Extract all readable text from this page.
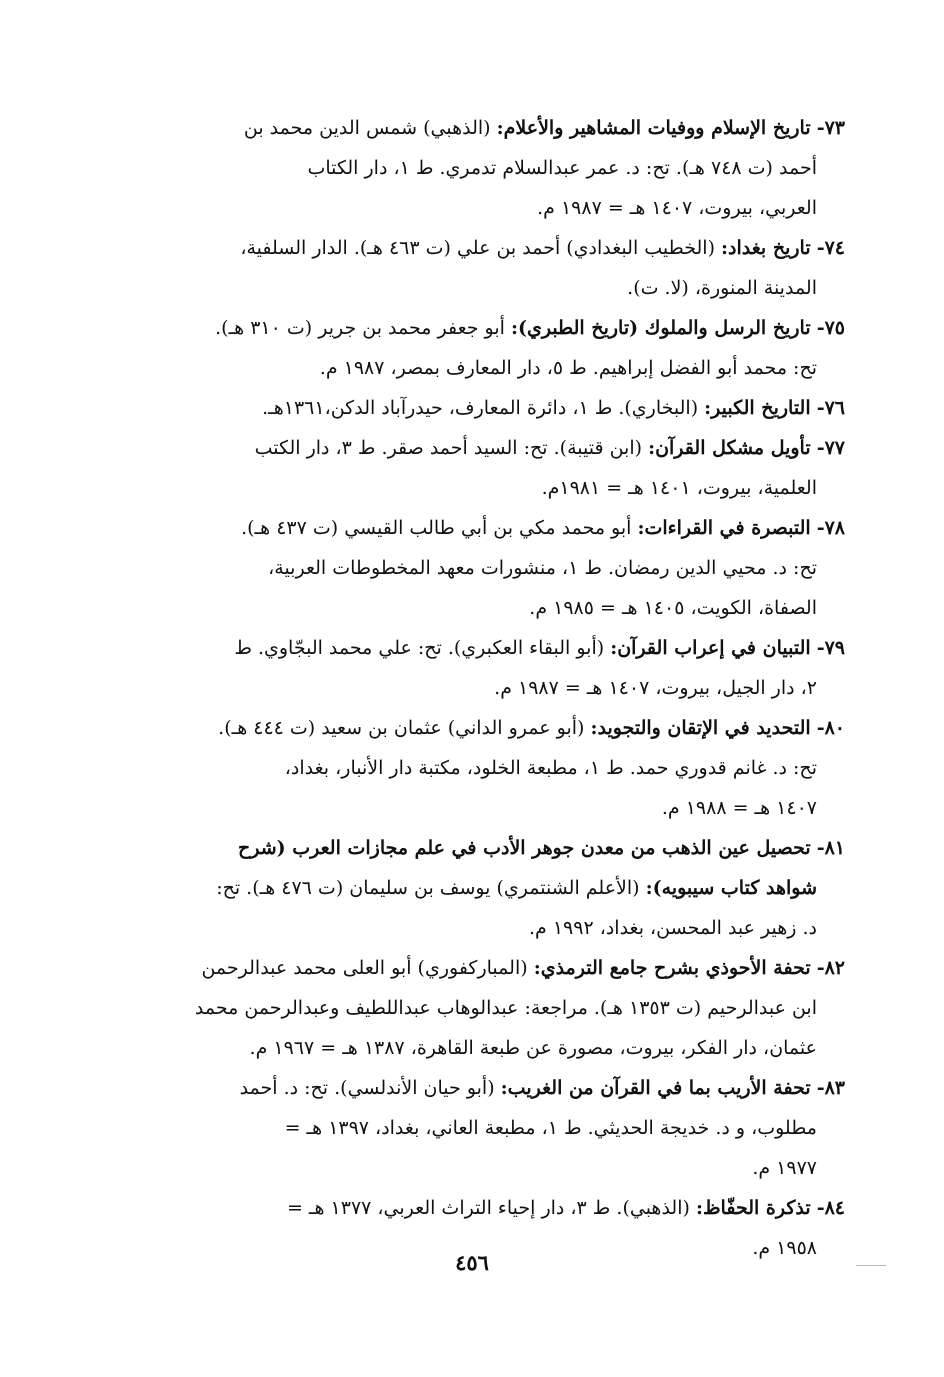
٧٣- تاريخ الإسلام ووفيات المشاهير والأعلام: (الذهبي) شمس الدين محمد بن
أحمد (ت ٧٤٨ هـ). تح: د. عمر عبدالسلام تدمري. ط ١، دار الكتاب
العربي، بيروت، ١٤٠٧ هـ = ١٩٨٧ م.

٧٤- تاريخ بغداد: (الخطيب البغدادي) أحمد بن علي (ت ٤٦٣ هـ). الدار السلفية،
المدينة المنورة، (لا. ت).

٧٥- تاريخ الرسل والملوك (تاريخ الطبري): أبو جعفر محمد بن جرير (ت ٣١٠ هـ).
تح: محمد أبو الفضل إبراهيم. ط ٥، دار المعارف بمصر، ١٩٨٧ م.

٧٦- التاريخ الكبير: (البخاري). ط ١، دائرة المعارف، حيدرآباد الدكن،١٣٦١هـ.

٧٧- تأويل مشكل القرآن: (ابن قتيبة). تح: السيد أحمد صقر. ط ٣، دار الكتب
العلمية، بيروت، ١٤٠١ هـ = ١٩٨١م.

٧٨- التبصرة في القراءات: أبو محمد مكي بن أبي طالب القيسي (ت ٤٣٧ هـ).
تح: د. محيي الدين رمضان. ط ١، منشورات معهد المخطوطات العربية،
الصفاة، الكويت، ١٤٠٥ هـ = ١٩٨٥ م.

٧٩- التبيان في إعراب القرآن: (أبو البقاء العكبري). تح: علي محمد البجّاوي. ط
٢، دار الجيل، بيروت، ١٤٠٧ هـ = ١٩٨٧ م.

٨٠- التحديد في الإتقان والتجويد: (أبو عمرو الداني) عثمان بن سعيد (ت ٤٤٤ هـ).
تح: د. غانم قدوري حمد. ط ١، مطبعة الخلود، مكتبة دار الأنبار، بغداد،
١٤٠٧ هـ = ١٩٨٨ م.

٨١- تحصيل عين الذهب من معدن جوهر الأدب في علم مجازات العرب (شرح
شواهد كتاب سيبويه): (الأعلم الشنتمري) يوسف بن سليمان (ت ٤٧٦ هـ). تح:
د. زهير عبد المحسن، بغداد، ١٩٩٢ م.

٨٢- تحفة الأحوذي بشرح جامع الترمذي: (المباركفوري) أبو العلى محمد عبدالرحمن
ابن عبدالرحيم (ت ١٣٥٣ هـ). مراجعة: عبدالوهاب عبداللطيف وعبدالرحمن محمد
عثمان، دار الفكر، بيروت، مصورة عن طبعة القاهرة، ١٣٨٧ هـ = ١٩٦٧ م.

٨٣- تحفة الأريب بما في القرآن من الغريب: (أبو حيان الأندلسي). تح: د. أحمد
مطلوب، و د. خديجة الحديثي. ط ١، مطبعة العاني، بغداد، ١٣٩٧ هـ =
١٩٧٧ م.

٨٤- تذكرة الحفّاظ: (الذهبي). ط ٣، دار إحياء التراث العربي، ١٣٧٧ هـ =
١٩٥٨ م.

٤٥٦
